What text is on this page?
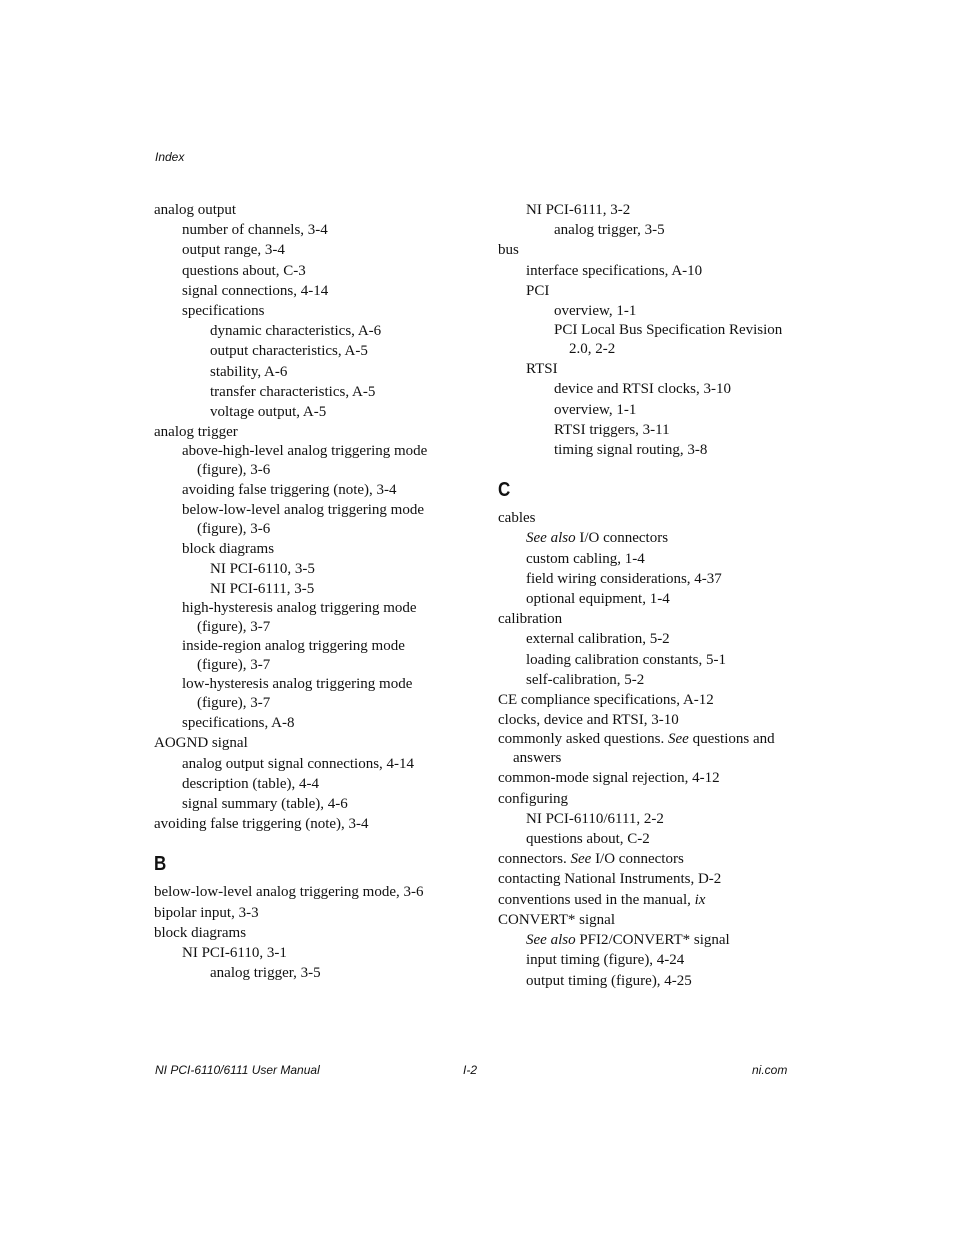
Index
analog output
number of channels, 3-4
output range, 3-4
questions about, C-3
signal connections, 4-14
specifications
dynamic characteristics, A-6
output characteristics, A-5
stability, A-6
transfer characteristics, A-5
voltage output, A-5
analog trigger
above-high-level analog triggering mode (figure), 3-6
avoiding false triggering (note), 3-4
below-low-level analog triggering mode (figure), 3-6
block diagrams
NI PCI-6110, 3-5
NI PCI-6111, 3-5
high-hysteresis analog triggering mode (figure), 3-7
inside-region analog triggering mode (figure), 3-7
low-hysteresis analog triggering mode (figure), 3-7
specifications, A-8
AOGND signal
analog output signal connections, 4-14
description (table), 4-4
signal summary (table), 4-6
avoiding false triggering (note), 3-4
B
below-low-level analog triggering mode, 3-6
bipolar input, 3-3
block diagrams
NI PCI-6110, 3-1
analog trigger, 3-5
NI PCI-6111, 3-2
analog trigger, 3-5
bus
interface specifications, A-10
PCI
overview, 1-1
PCI Local Bus Specification Revision 2.0, 2-2
RTSI
device and RTSI clocks, 3-10
overview, 1-1
RTSI triggers, 3-11
timing signal routing, 3-8
C
cables
See also I/O connectors
custom cabling, 1-4
field wiring considerations, 4-37
optional equipment, 1-4
calibration
external calibration, 5-2
loading calibration constants, 5-1
self-calibration, 5-2
CE compliance specifications, A-12
clocks, device and RTSI, 3-10
commonly asked questions. See questions and answers
common-mode signal rejection, 4-12
configuring
NI PCI-6110/6111, 2-2
questions about, C-2
connectors. See I/O connectors
contacting National Instruments, D-2
conventions used in the manual, ix
CONVERT* signal
See also PFI2/CONVERT* signal
input timing (figure), 4-24
output timing (figure), 4-25
NI PCI-6110/6111 User Manual	I-2	ni.com
